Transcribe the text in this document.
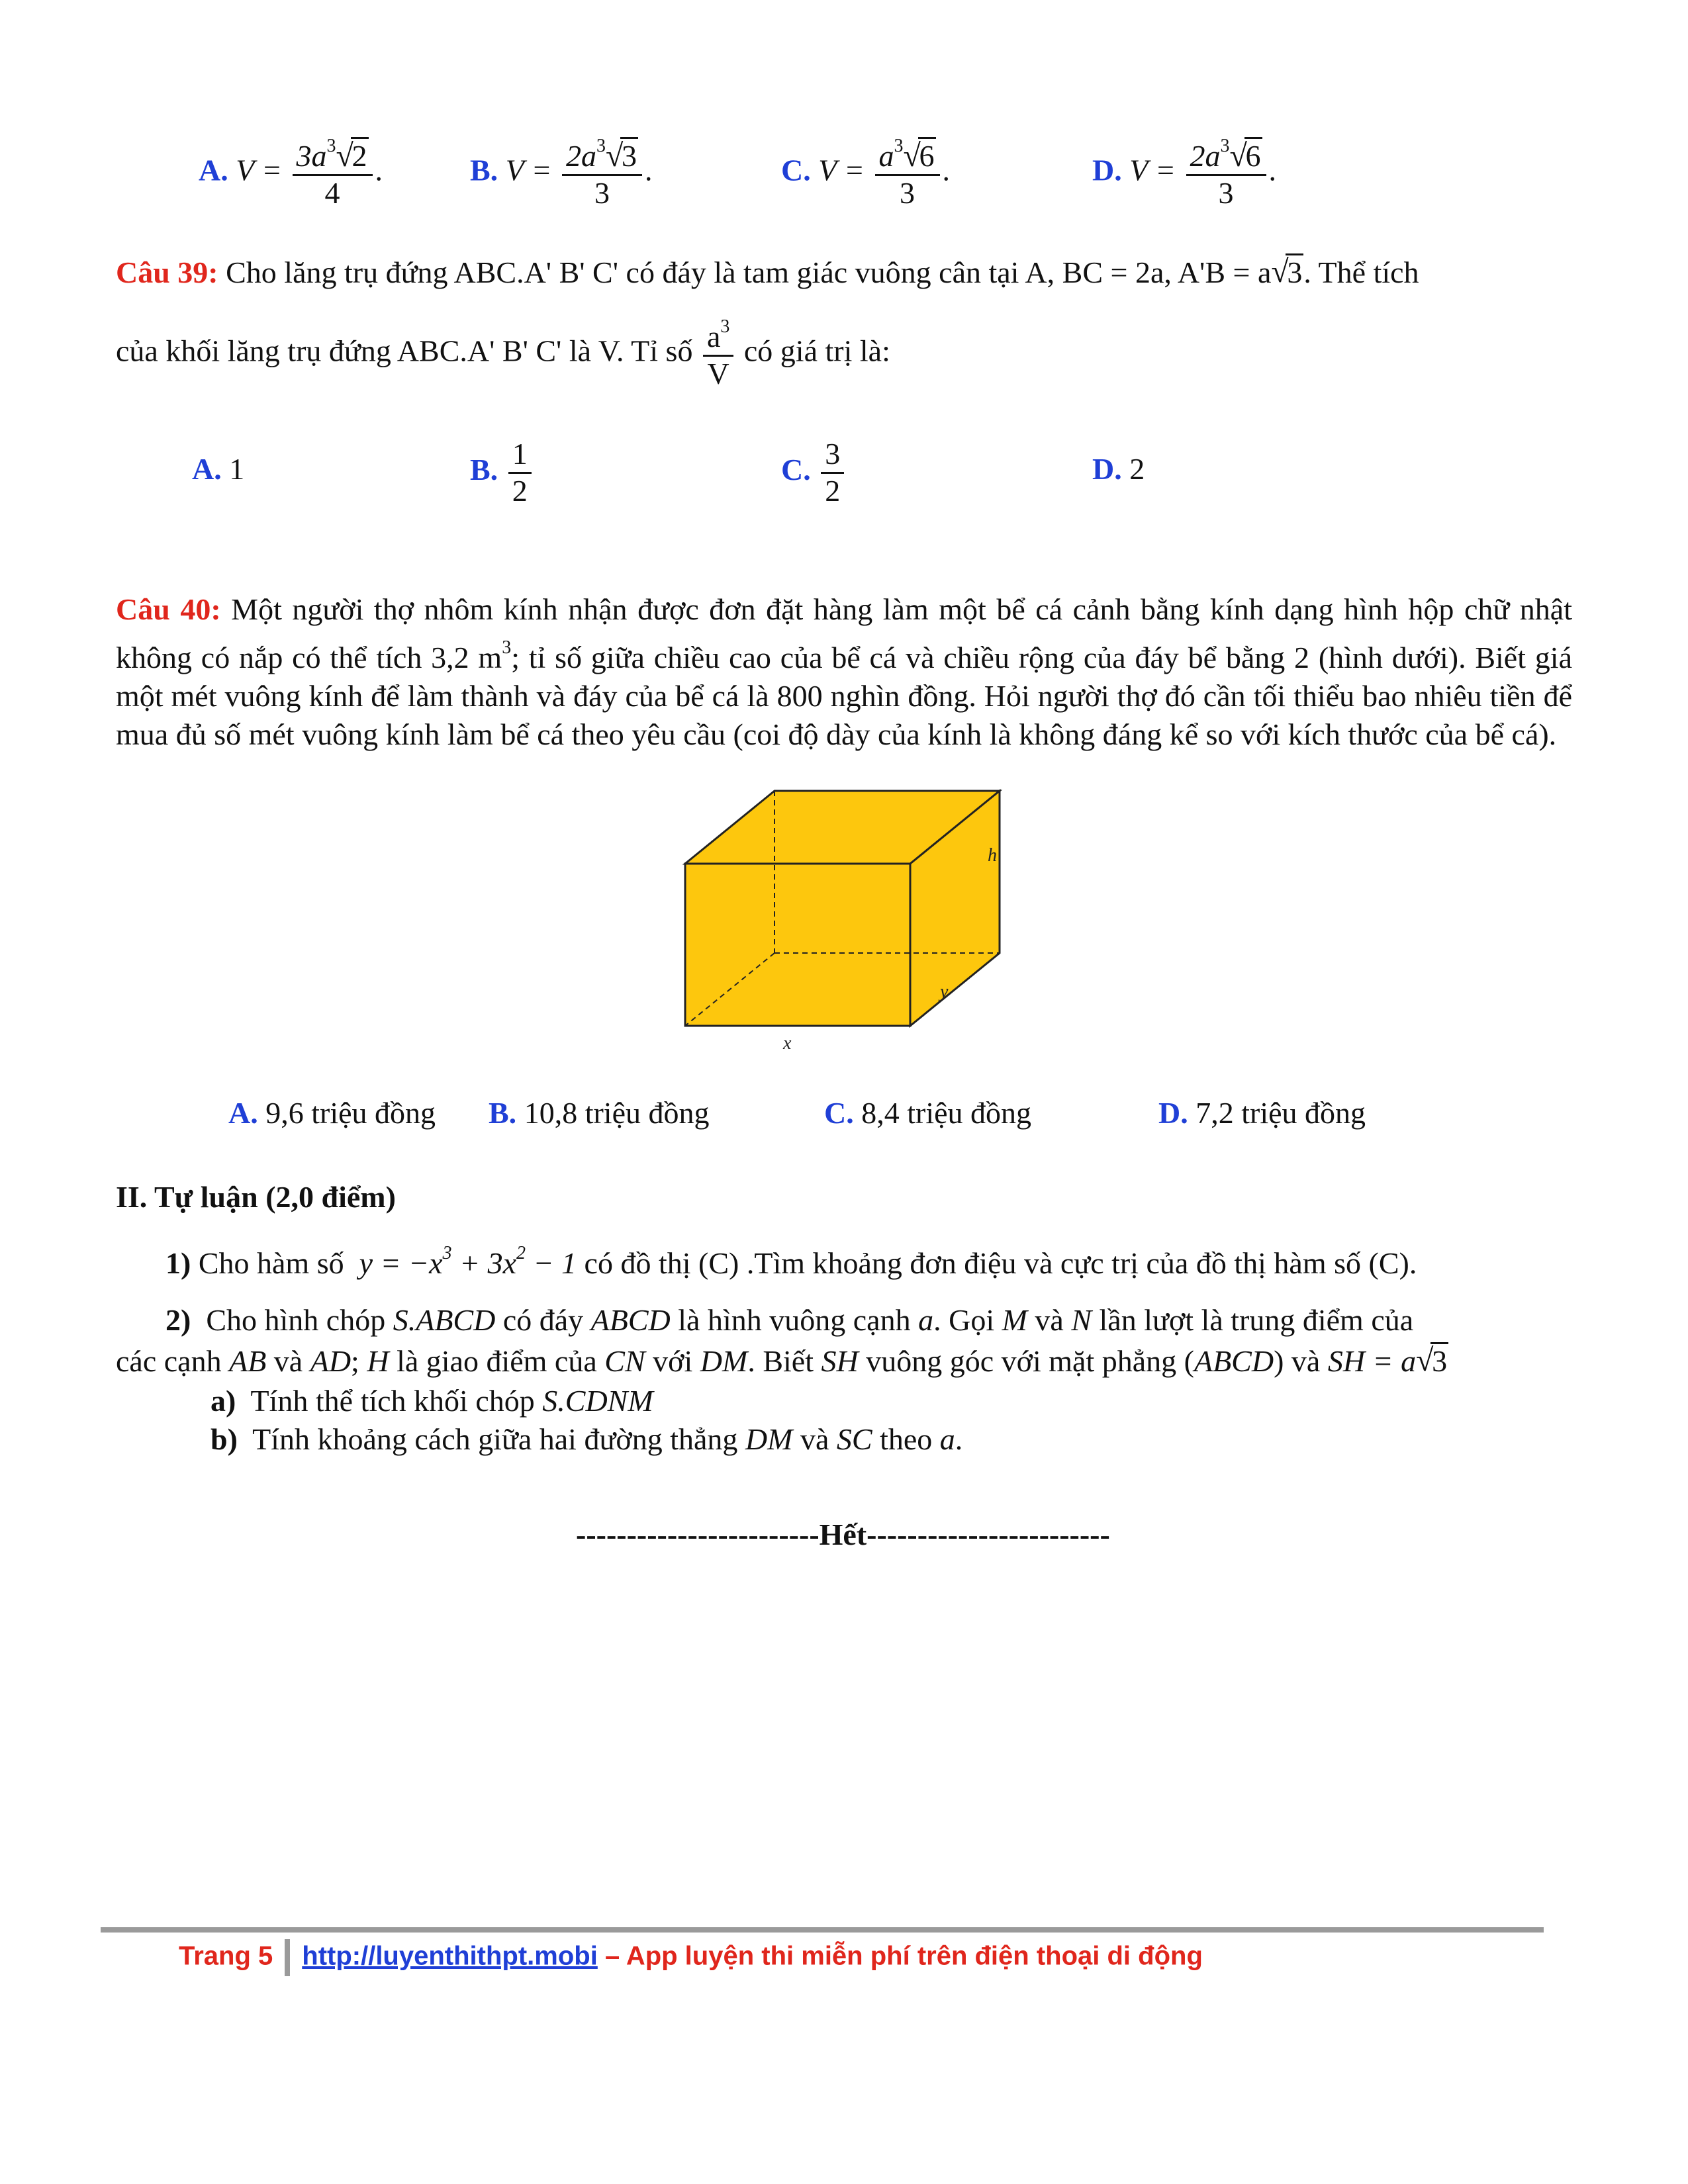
A. $V = \frac{3a^3 √ 2}{4}$ .	B. $V = \frac{2a^3 √ 3}{3}$ .	C. $V = \frac{a^3 √ 6}{3}$ .	D. $V = \frac{2a^3 √ 6}{3}$ .
Câu 39: Cho lăng trụ đứng ABC.A' B' C' có đáy là tam giác vuông cân tại A, BC = 2a, A'B = a √ 3. Thể tích
của khối lăng trụ đứng ABC.A' B' C' là V. Tỉ số $\frac{a^3}{V}$ có giá trị là:
A. 1	B. $\frac{1}{2}$	C. $\frac{3}{2}$	D. 2
Câu 40: Một người thợ nhôm kính nhận được đơn đặt hàng làm một bể cá cảnh bằng kính dạng hình hộp chữ nhật không có nắp có thể tích 3,2 $m^3$; tỉ số giữa chiều cao của bể cá và chiều rộng của đáy bể bằng 2 (hình dưới). Biết giá một mét vuông kính để làm thành và đáy của bể cá là 800 nghìn đồng. Hỏi người thợ đó cần tối thiểu bao nhiêu tiền để mua đủ số mét vuông kính làm bể cá theo yêu cầu (coi độ dày của kính là không đáng kể so với kích thước của bể cá).
h
y
x
A. 9,6 triệu đồng B. 10,8 triệu đồng	C. 8,4 triệu đồng	D. 7,2 triệu đồng
II. Tự luận (2,0 điểm)
1) Cho hàm số $y = -x^3 + 3x^2 - 1$ có đồ thị (C) .Tìm khoảng đơn điệu và cực trị của đồ thị hàm số (C).
2) Cho hình chóp S.ABCD có đáy ABCD là hình vuông cạnh a. Gọi M và N lần lượt là trung điểm của
các cạnh AB và AD; H là giao điểm của CN với DM. Biết SH vuông góc với mặt phẳng (ABCD) và SH = a √ 3
a) Tính thể tích khối chóp S.CDNM
b) Tính khoảng cách giữa hai đường thẳng DM và SC theo a.
------------------------Hết------------------------
Trang 5 http://luyenthithpt.mobi – App luyện thi miễn phí trên điện thoại di động
